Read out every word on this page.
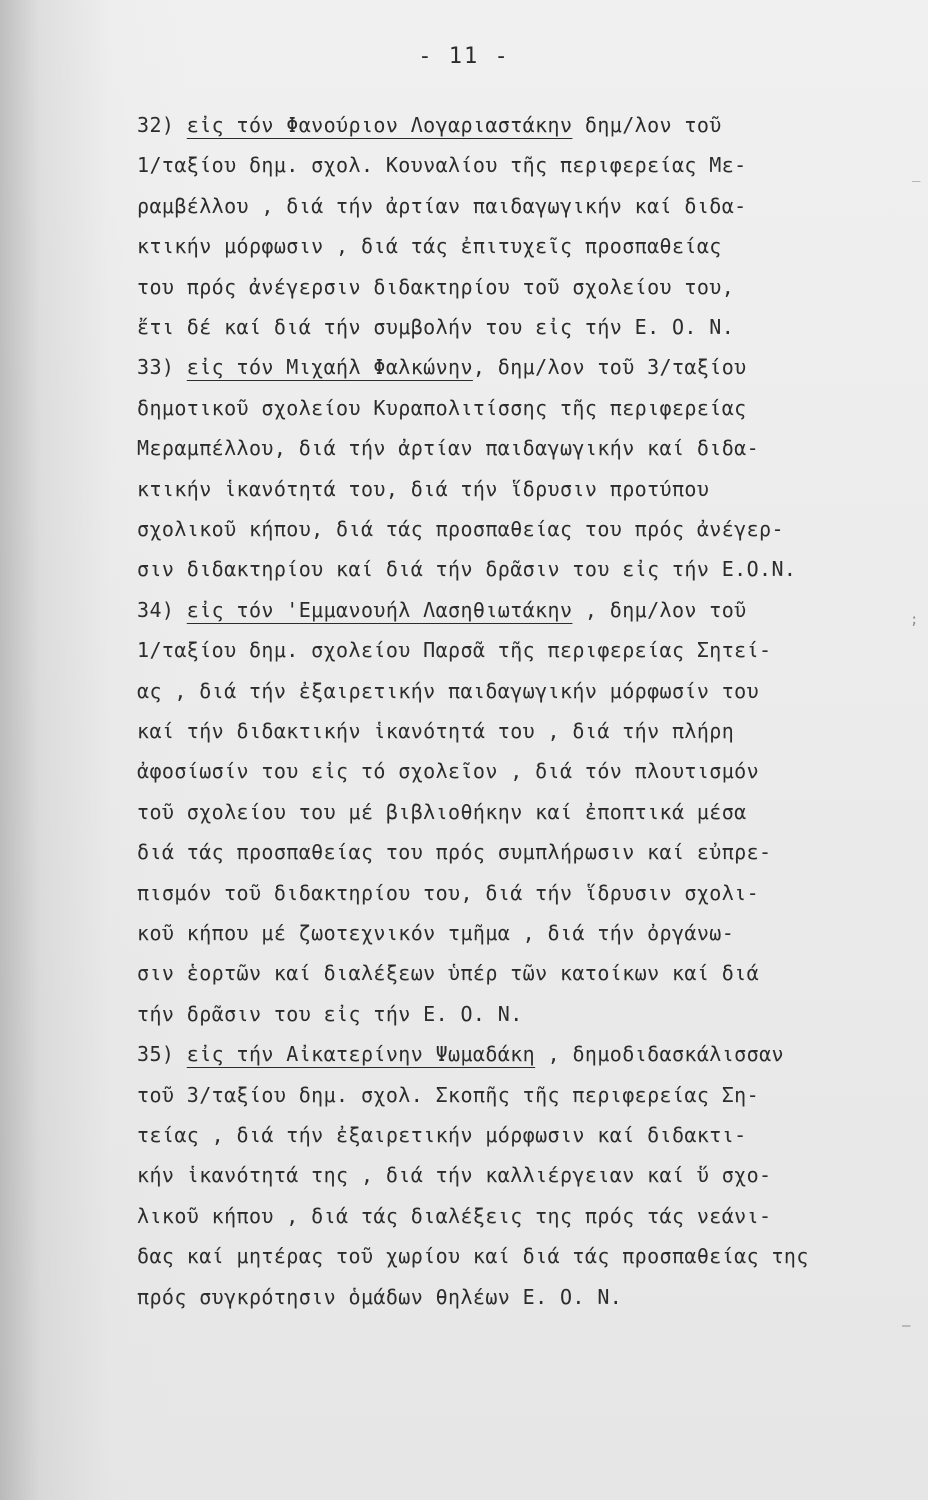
- 11 -
32) εἰς τόν Φανούριον Λογαριαστάκην δημ/λον τοῦ
1/ταξίου δημ. σχολ. Κουναλίου τῆς περιφερείας Με-
ραμβέλλου , διά τήν ἀρτίαν παιδαγωγικήν καί διδα-
κτικήν μόρφωσιν , διά τάς ἐπιτυχεῖς προσπαθείας
του πρός ἀνέγερσιν διδακτηρίου τοῦ σχολείου του,
ἔτι δέ καί διά τήν συμβολήν του εἰς τήν Ε. Ο. Ν.
33) εἰς τόν Μιχαήλ Φαλκώνην, δημ/λον τοῦ 3/ταξίου
δημοτικοῦ σχολείου Κυραπολιτίσσης τῆς περιφερείας
Μεραμπέλλου, διά τήν ἀρτίαν παιδαγωγικήν καί διδα-
κτικήν ἱκανότητά του, διά τήν ἵδρυσιν προτύπου
σχολικοῦ κήπου, διά τάς προσπαθείας του πρός ἀνέγερ-
σιν διδακτηρίου καί διά τήν δρᾶσιν του εἰς τήν Ε.Ο.Ν.
34) εἰς τόν 'Εμμανουήλ Λασηθιωτάκην , δημ/λον τοῦ
1/ταξίου δημ. σχολείου Παρσᾶ τῆς περιφερείας Σητεί-
ας , διά τήν ἐξαιρετικήν παιδαγωγικήν μόρφωσίν του
καί τήν διδακτικήν ἱκανότητά του , διά τήν πλήρη
ἀφοσίωσίν του εἰς τό σχολεῖον , διά τόν πλουτισμόν
τοῦ σχολείου του μέ βιβλιοθήκην καί ἐποπτικά μέσα
διά τάς προσπαθείας του πρός συμπλήρωσιν καί εὐπρε-
πισμόν τοῦ διδακτηρίου του, διά τήν ἵδρυσιν σχολι-
κοῦ κήπου μέ ζωοτεχνικόν τμῆμα , διά τήν ὀργάνω-
σιν ἑορτῶν καί διαλέξεων ὑπέρ τῶν κατοίκων καί διά
τήν δρᾶσιν του εἰς τήν Ε. Ο. Ν.
35) εἰς τήν Αἰκατερίνην Ψωμαδάκη , δημοδιδασκάλισσαν
τοῦ 3/ταξίου δημ. σχολ. Σκοπῆς τῆς περιφερείας Ση-
τείας , διά τήν ἐξαιρετικήν μόρφωσιν καί διδακτι-
κήν ἱκανότητά της , διά τήν καλλιέργειαν καί ὕ σχο-
λικοῦ κήπου , διά τάς διαλέξεις της πρός τάς νεάνι-
δας καί μητέρας τοῦ χωρίου καί διά τάς προσπαθείας της
πρός συγκρότησιν ὁμάδων θηλέων Ε. Ο. Ν.
‾
;
—
